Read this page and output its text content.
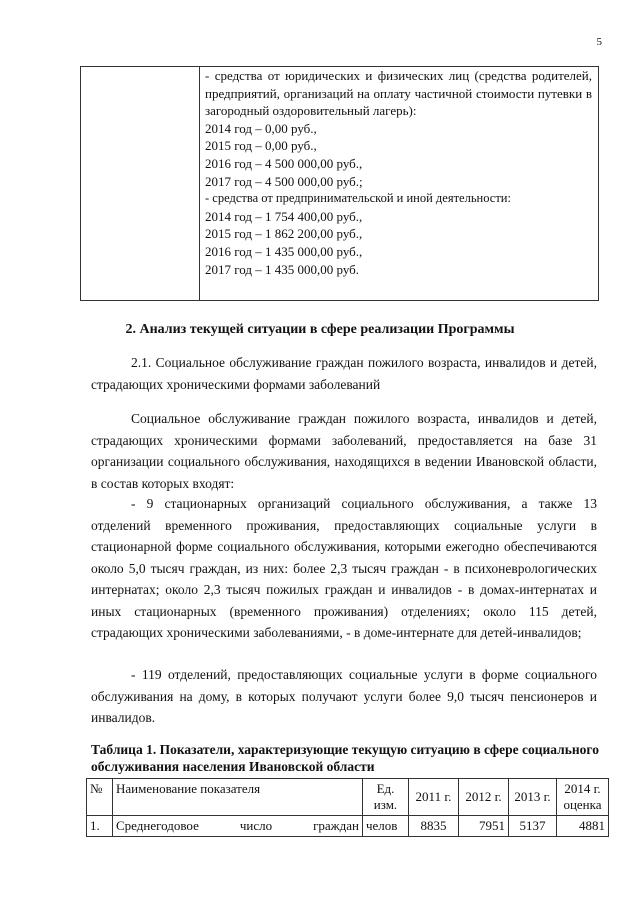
5
- средства от юридических и физических лиц (средства родителей, предприятий, организаций на оплату частичной стоимости путевки в загородный оздоровительный лагерь):
2014 год – 0,00 руб.,
2015 год – 0,00 руб.,
2016 год – 4 500 000,00 руб.,
2017 год – 4 500 000,00 руб.;
- средства от предпринимательской и иной деятельности:
2014 год – 1 754 400,00 руб.,
2015 год – 1 862 200,00 руб.,
2016 год – 1 435 000,00 руб.,
2017 год – 1 435 000,00 руб.
2. Анализ текущей ситуации в сфере реализации Программы
2.1. Социальное обслуживание граждан пожилого возраста, инвалидов и детей, страдающих хроническими формами заболеваний
Социальное обслуживание граждан пожилого возраста, инвалидов и детей, страдающих хроническими формами заболеваний, предоставляется на базе 31 организации социального обслуживания, находящихся в ведении Ивановской области, в состав которых входят:
- 9 стационарных организаций социального обслуживания, а также 13 отделений временного проживания, предоставляющих социальные услуги в стационарной форме социального обслуживания, которыми ежегодно обеспечиваются около 5,0 тысяч граждан, из них: более 2,3 тысяч граждан - в психоневрологических интернатах; около 2,3 тысяч пожилых граждан и инвалидов - в домах-интернатах и иных стационарных (временного проживания) отделениях; около 115 детей, страдающих хроническими заболеваниями, - в доме-интернате для детей-инвалидов;
- 119 отделений, предоставляющих социальные услуги в форме социального обслуживания на дому, в которых получают услуги более 9,0 тысяч пенсионеров и инвалидов.
Таблица 1. Показатели, характеризующие текущую ситуацию в сфере социального обслуживания населения Ивановской области
№	Наименование показателя	Ед. изм.	2011 г.	2012 г.	2013 г.	2014 г. оценка
1.	Среднегодовое число граждан	челов	8835	7951	5137	4881
